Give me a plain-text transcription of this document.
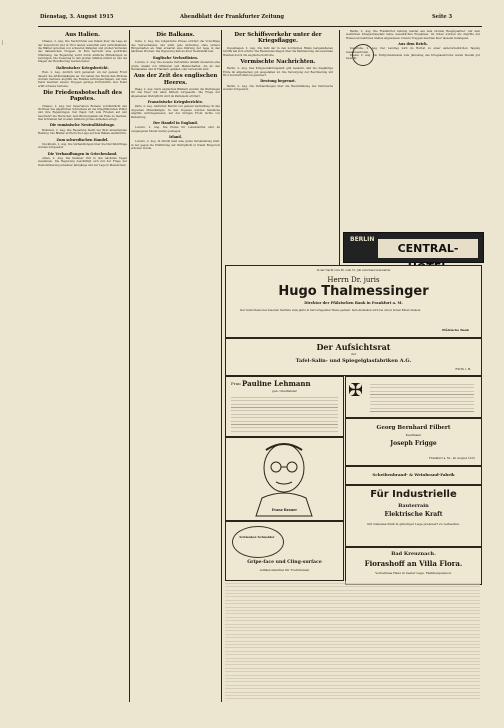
▏
Dienstag, 3. August 1915	Abendblatt der Frankfurter Zeitung	Seite 3
Aus Italien.
Chiasso, 2. Aug. Die Nachrichten aus Italien über die Lage an der Isonzofront und in Tirol lauten weiterhin sehr zurückhaltend; die Blätter sprechen von schweren Kämpfen und großen Verlusten der italienischen Truppen. In Rom herrscht eine gedrückte Stimmung, die Regierung sucht durch amtliche Mitteilungen zu beruhigen. Die Teuerung in den großen Städten nimmt zu und die Klagen der Bevölkerung werden lauter.
Italienischer Kriegsbericht.
Rom, 2. Aug. Amtlich wird gemeldet: An der ganzen Front dauern die Artilleriekämpfe an. Im Gebiet des Monte San Michele wurden mehrere Angriffe des Feindes zurückgeschlagen. Auf dem Karst machten unsere Truppen geringe Fortschritte. Der Feind erlitt schwere Verluste.
Die Friedensbotschaft des Papstes.
Chiasso, 2. Aug. Der Osservatore Romano veröffentlicht den Wortlaut des päpstlichen Schreibens an die kriegführenden Völker und ihre Regierungen. Der Papst ruft zum Frieden auf und beschwört die Herrscher, dem Blutvergießen ein Ende zu machen. Das Schreiben hat in allen Ländern großes Aufsehen erregt.
Die rumänische Neutralitätsfrage.
Bukarest, 2. Aug. Die Regierung bleibt bei ihrer abwartenden Haltung. Die Blätter erörtern die Lage auf dem Balkan ausführlich.
Zum schwedischen Handel.
Stockholm, 2. Aug. Die Verhandlungen über die Durchfuhrfrage werden fortgesetzt.
Die Verhandlungen in Griechenland.
Athen, 2. Aug. Die Kammer tritt in den nächsten Tagen zusammen. Die Regierung beschäftigt sich mit der Frage der Demobilisierung einzelner Jahrgänge und der Lage in Mazedonien.
Die Balkans.
Sofia, 2. Aug. Die bulgarische Presse erörtert die Vorschläge des Vierverbandes und lehnt jede Abtretung ohne sichere Bürgschaften ab. Man erwartet eine Klärung der Lage in den nächsten Wochen. Die Regierung hält an ihrer Neutralität fest.
Englische Verlustlisten.
London, 2. Aug. Die neueste Verlustliste umfaßt wiederum eine große Anzahl von Offizieren und Mannschaften, die an den Dardanellen und in Flandern gefallen oder verwundet sind.
Aus der Zeit des englischen Heeres.
Haag, 2. Aug. Nach englischen Blättern werden die Werbungen für das Heer mit allen Mitteln fortgesetzt. Die Frage der allgemeinen Wehrpflicht wird im Parlament erörtert.
Französische Kriegsberichte.
Paris, 2. Aug. Amtlicher Bericht von gestern nachmittag: In den Argonnen Minenkämpfe. In den Vogesen wurden feindliche Angriffe zurückgewiesen. Auf der übrigen Front nichts von Bedeutung.
Der Handel in England.
London, 2. Aug. Die Preise für Lebensmittel sind im vergangenen Monat weiter gestiegen.
Irland.
London, 2. Aug. In Dublin fand eine große Versammlung statt, in der gegen die Einführung der Wehrpflicht in Irland Einspruch erhoben wurde.
Der Schiffsverkehr unter der Kriegsflagge.
Kopenhagen, 2. Aug. Die Zahl der in den nordischen Häfen festgehaltenen Schiffe hat sich erhöht. Die Reedereien klagen über die Behinderung des neutralen Handels durch die englische Kontrolle.
Vermischte Nachrichten.
Berlin, 2. Aug. Das Kriegsernährungsamt gibt bekannt, daß die diesjährige Ernte im allgemeinen gut ausgefallen ist. Die Versorgung der Bevölkerung mit Brot und Kartoffeln ist gesichert.
Deutung begrenzt.
Berlin, 2. Aug. Die Verhandlungen über die Beschränkung des Verbrauchs werden fortgesetzt.
Berlin, 2. Aug. Die Frankfurter Zeitung meldet aus dem Großen Hauptquartier: Auf dem westlichen Kriegsschauplatz keine wesentlichen Ereignisse. Im Osten wurden die Angriffe der Russen an mehreren Stellen abgewiesen. Unsere Truppen machten über tausend Gefangene.
Aus dem Reich.
Karlsruhe, 2. Aug. Der Landtag wird im Herbst zu einer außerordentlichen Tagung zusammentreten.
Kassel, 2. Aug. Die Feldgottesdienste zum Jahrestag des Kriegsausbruchs waren überall gut besucht.
BERLIN
CENTRAL-
In der Nacht vom 30. zum 31. Juli verschied unerwartet
Herrn Dr. juris
Hugo Thalmessinger
Direktor der Pfälzischen Bank in Frankfurt a. M.
Der Verstorbene hat unserem Institute viele Jahre in hervorragender Weise gedient. Sein Andenken wird bei uns in hohen Ehren bleiben.
Pfälzische Bank
Der Aufsichtsrat
der
Tafel-Salin- und Spiegelglasfabriken A.G.
Fürth i. B.
Frau Pauline Lehmann
geb. Oberländer	✠
Georg Bernhard Filbert
Kaufmann
Joseph Frigge
Frankfurt a. M., im August 1915
Scheibenbrand- & Weinbrand-Fabrik
Franz Brauer
Schlenker-Schneider
Gripe-face und Cling-surface
Adhäsionsmittel für Treibriemen
Für Industrielle
Bauterrain
Elektrische Kraft
mit Gleisanschluß in günstiger Lage preiswert zu verkaufen.
Bad Kreuznach.
Fiorashoff an Villa Flora.
Vornehmes Haus in bester Lage. Familienpension.
